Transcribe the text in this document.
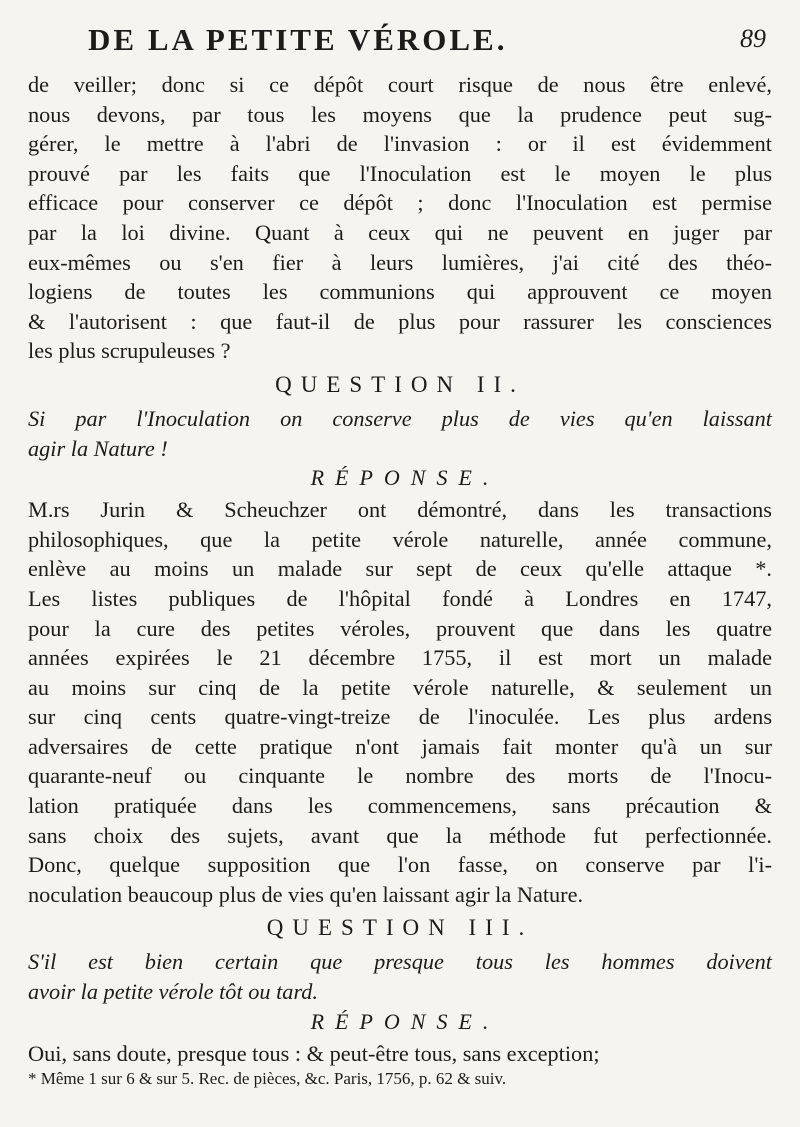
DE LA PETITE VÉROLE.	89

de veiller; donc si ce dépôt court risque de nous être enlevé,
nous devons, par tous les moyens que la prudence peut sug-
gérer, le mettre à l'abri de l'invasion : or il est évidemment
prouvé par les faits que l'Inoculation est le moyen le plus
efficace pour conserver ce dépôt ; donc l'Inoculation est permise
par la loi divine. Quant à ceux qui ne peuvent en juger par
eux-mêmes ou s'en fier à leurs lumières, j'ai cité des théo-
logiens de toutes les communions qui approuvent ce moyen
& l'autorisent : que faut-il de plus pour rassurer les consciences
les plus scrupuleuses ?

QUESTION II.

Si par l'Inoculation on conserve plus de vies qu'en laissant
agir la Nature !

RÉPONSE.

M.rs Jurin & Scheuchzer ont démontré, dans les transactions
philosophiques, que la petite vérole naturelle, année commune,
enlève au moins un malade sur sept de ceux qu'elle attaque *.
Les listes publiques de l'hôpital fondé à Londres en 1747,
pour la cure des petites véroles, prouvent que dans les quatre
années expirées le 21 décembre 1755, il est mort un malade
au moins sur cinq de la petite vérole naturelle, & seulement un
sur cinq cents quatre-vingt-treize de l'inoculée. Les plus ardens
adversaires de cette pratique n'ont jamais fait monter qu'à un sur
quarante-neuf ou cinquante le nombre des morts de l'Inocu-
lation pratiquée dans les commencemens, sans précaution &
sans choix des sujets, avant que la méthode fut perfectionnée.
Donc, quelque supposition que l'on fasse, on conserve par l'i-
noculation beaucoup plus de vies qu'en laissant agir la Nature.

QUESTION III.

S'il est bien certain que presque tous les hommes doivent
avoir la petite vérole tôt ou tard.

RÉPONSE.

Oui, sans doute, presque tous : & peut-être tous, sans exception;

* Même 1 sur 6 & sur 5. Rec. de pièces, &c. Paris, 1756, p. 62 & suiv.
